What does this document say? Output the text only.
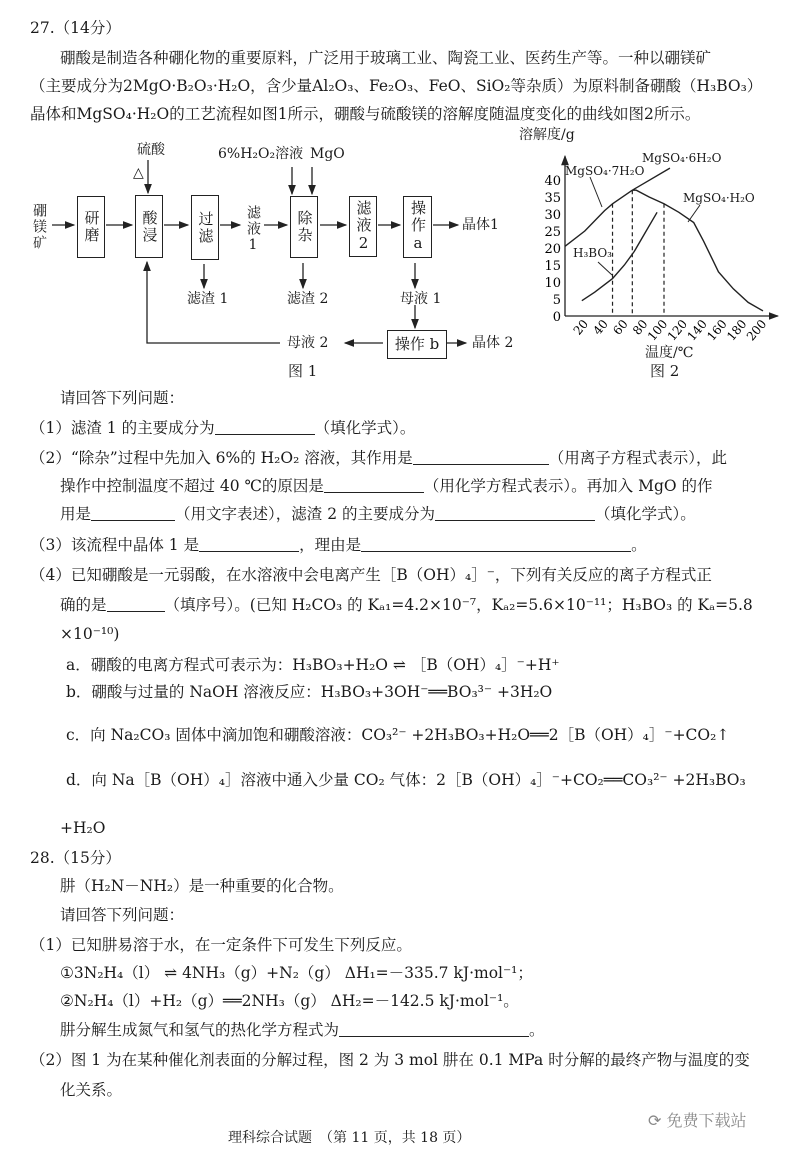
27.（14分）
硼酸是制造各种硼化物的重要原料，广泛用于玻璃工业、陶瓷工业、医药生产等。一种以硼镁矿
（主要成分为2MgO·B₂O₃·H₂O，含少量Al₂O₃、Fe₂O₃、FeO、SiO₂等杂质）为原料制备硼酸（H₃BO₃）
晶体和MgSO₄·H₂O的工艺流程如图1所示，硼酸与硫酸镁的溶解度随温度变化的曲线如图2所示。
硼镁矿	研磨	酸浸
硫酸
△
过滤
滤渣 1
滤液1	除杂
6%H₂O₂溶液 MgO
滤渣 2
滤液2	操作a	晶体1
母液 1
操作 b	晶体 2
母液 2
图 1
0
5
10
15
20
25
30
35
40
20 40 60 80
100
120
140
160
180
200
溶解度/g
温度/℃
图 2
MgSO₄·7H₂O
MgSO₄·6H₂O
MgSO₄·H₂O
H₃BO₃
请回答下列问题：
（1）滤渣 1 的主要成分为	（填化学式）。
（2）“除杂”过程中先加入 6%的 H₂O₂ 溶液，其作用是	（用离子方程式表示），此
操作中控制温度不超过 40 ℃的原因是	（用化学方程式表示）。再加入 MgO 的作
用是	（用文字表述），滤渣 2 的主要成分为	（填化学式）。
（3）该流程中晶体 1 是	，理由是	。
（4）已知硼酸是一元弱酸，在水溶液中会电离产生［B（OH）₄］⁻，下列有关反应的离子方程式正
确的是	（填序号）。(已知 H₂CO₃ 的 Kₐ₁=4.2×10⁻⁷，Kₐ₂=5.6×10⁻¹¹；H₃BO₃ 的 Kₐ=5.8
×10⁻¹⁰)
a．硼酸的电离方程式可表示为：H₃BO₃+H₂O ⇌ ［B（OH）₄］⁻+H⁺
b．硼酸与过量的 NaOH 溶液反应：H₃BO₃+3OH⁻══BO₃³⁻ +3H₂O
c．向 Na₂CO₃ 固体中滴加饱和硼酸溶液：CO₃²⁻ +2H₃BO₃+H₂O══2［B（OH）₄］⁻+CO₂↑
d．向 Na［B（OH）₄］溶液中通入少量 CO₂ 气体：2［B（OH）₄］⁻+CO₂══CO₃²⁻ +2H₃BO₃
+H₂O
28.（15分）
肼（H₂N－NH₂）是一种重要的化合物。
请回答下列问题：
（1）已知肼易溶于水，在一定条件下可发生下列反应。
①3N₂H₄（l） ⇌ 4NH₃（g）+N₂（g） ΔH₁=－335.7 kJ·mol⁻¹；
②N₂H₄（l）+H₂（g）══2NH₃（g） ΔH₂=－142.5 kJ·mol⁻¹。
肼分解生成氮气和氢气的热化学方程式为	。
（2）图 1 为在某种催化剂表面的分解过程，图 2 为 3 mol 肼在 0.1 MPa 时分解的最终产物与温度的变
化关系。
⟳ 免费下载站
理科综合试题　（第 11 页，共 18 页）
